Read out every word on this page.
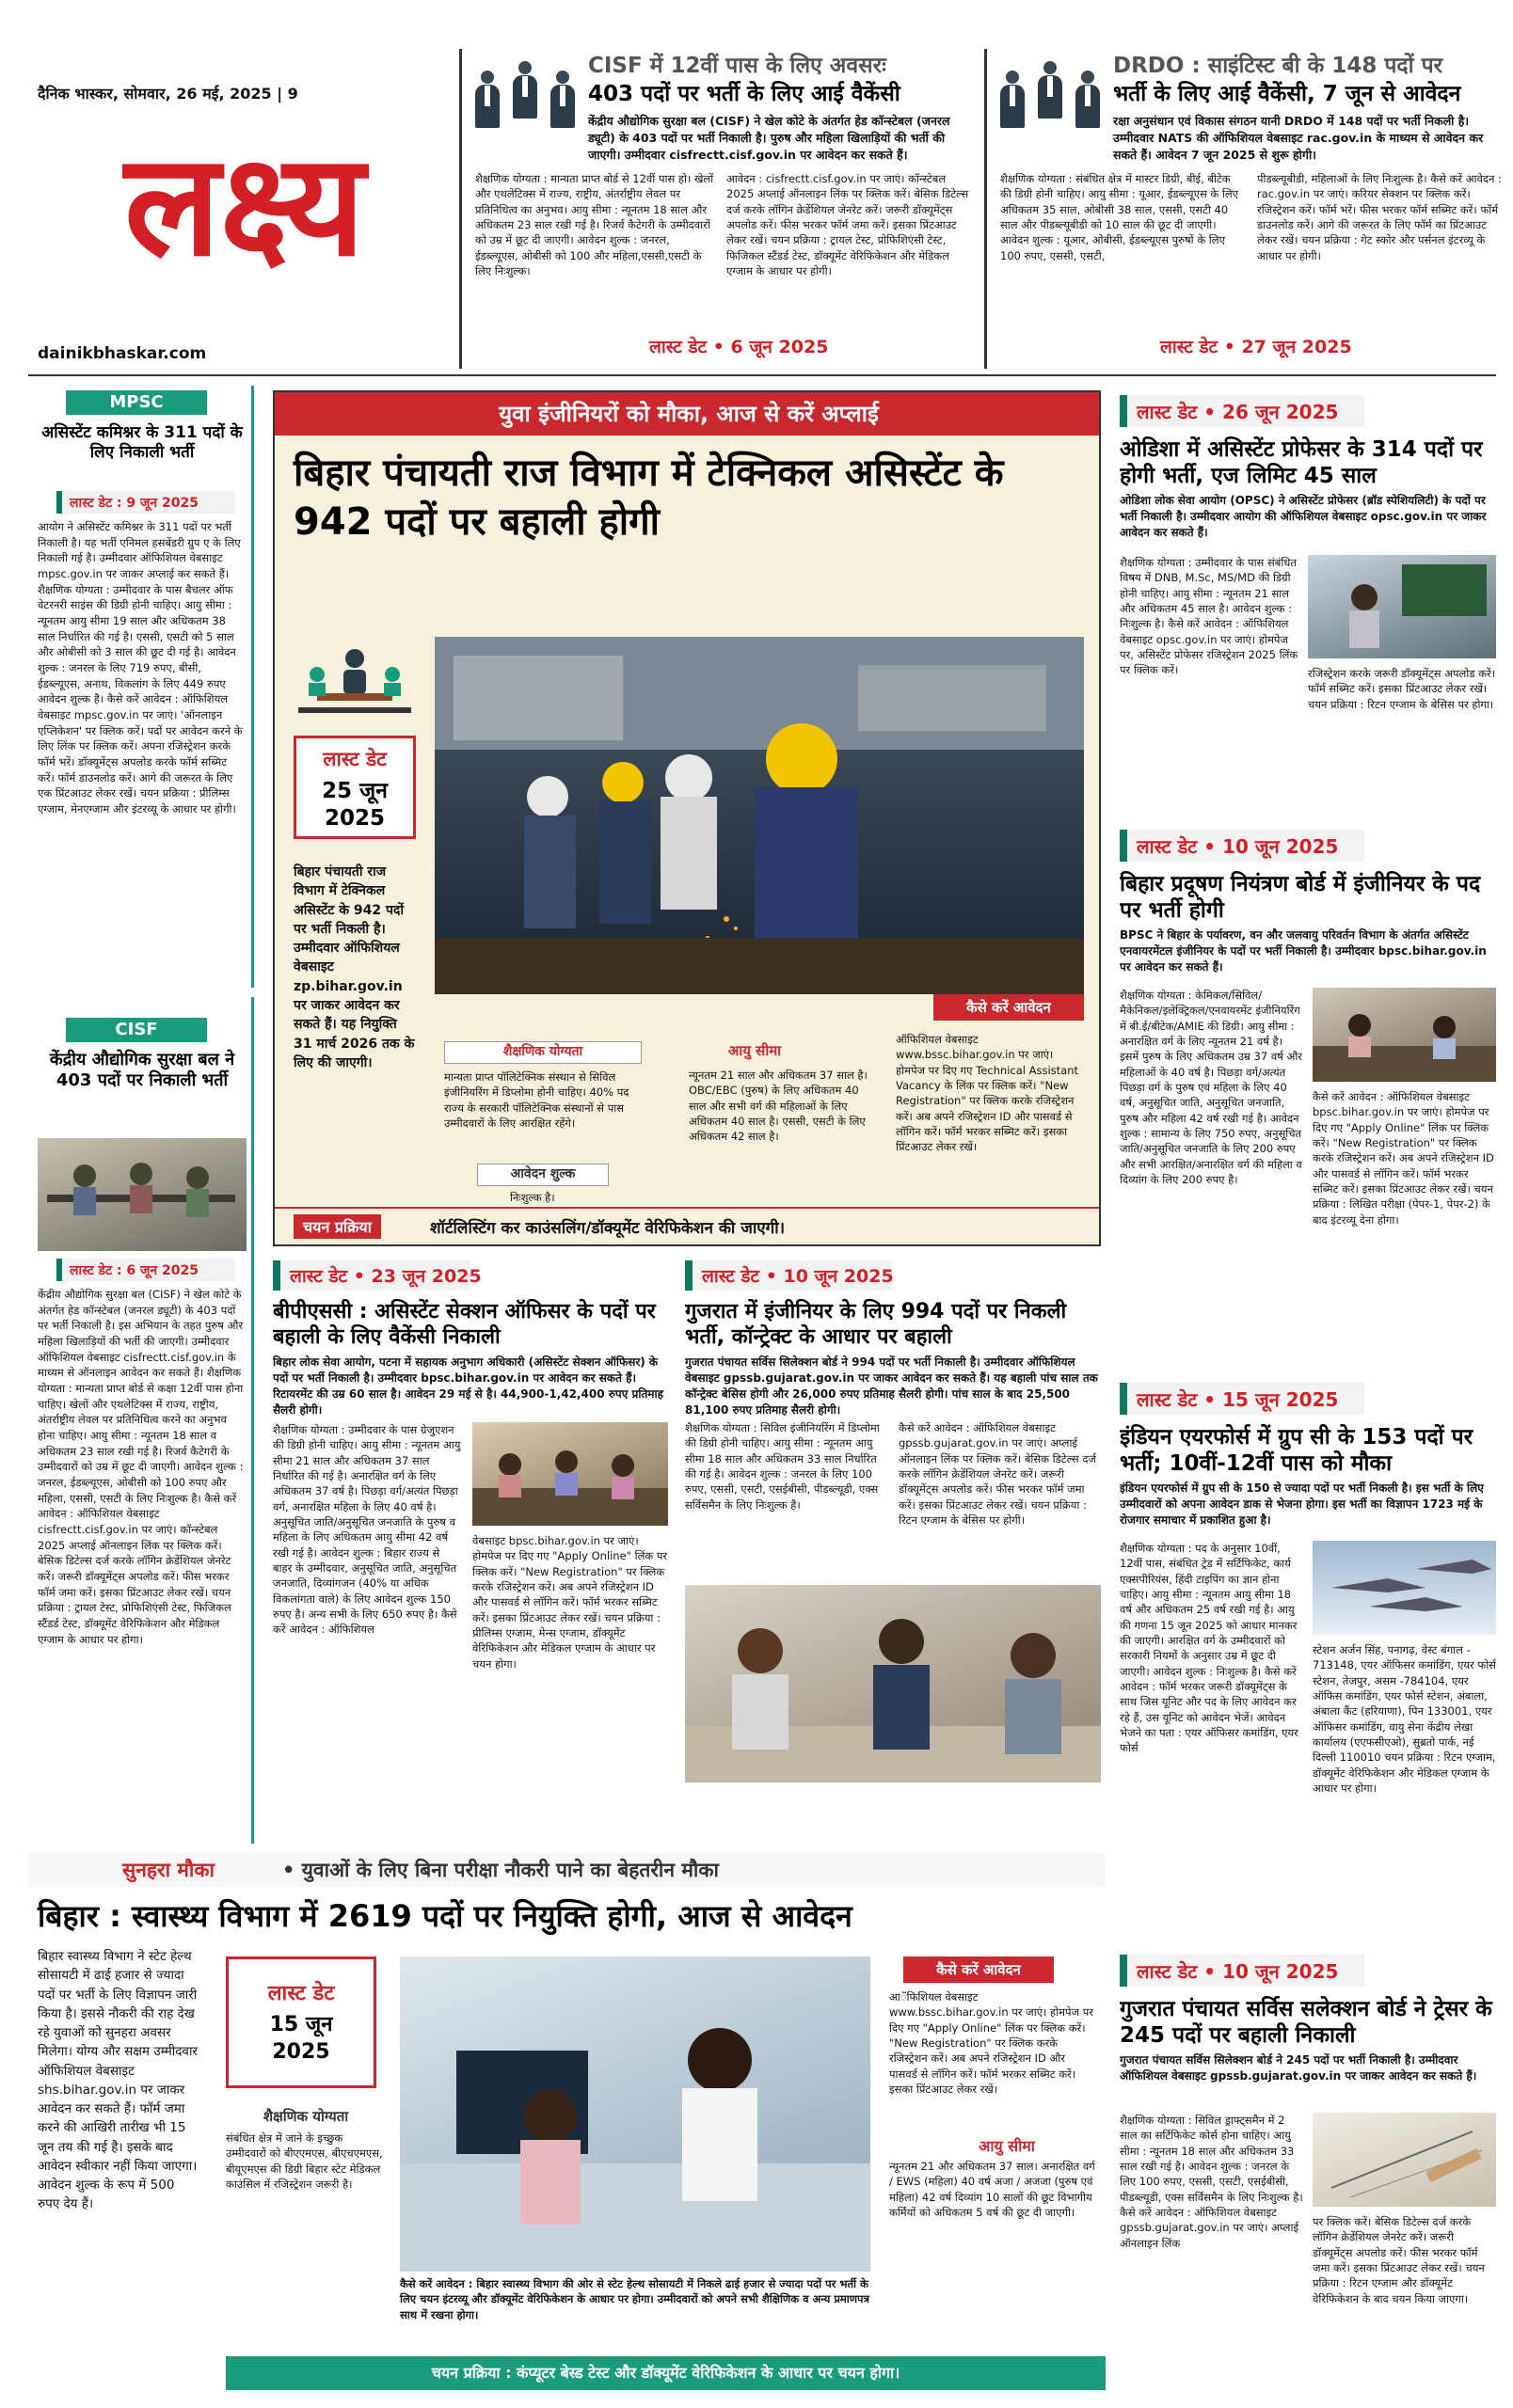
दैनिक भास्कर, सोमवार, 26 मई, 2025 | 9
लक्ष्य
dainikbhaskar.com
CISF में 12वीं पास के लिए अवसरः
403 पदों पर भर्ती के लिए आई वैकेंसी
केंद्रीय औद्योगिक सुरक्षा बल (CISF) ने खेल कोटे के अंतर्गत हेड कॉन्स्टेबल (जनरल ड्यूटी) के 403 पदों पर भर्ती निकाली है। पुरुष और महिला खिलाड़ियों की भर्ती की जाएगी। उम्मीदवार cisfrectt.cisf.gov.in पर आवेदन कर सकते हैं।
शैक्षणिक योग्यता : मान्यता प्राप्त बोर्ड से 12वीं पास हो। खेलों और एथलेटिक्स में राज्य, राष्ट्रीय, अंतर्राष्ट्रीय लेवल पर प्रतिनिधित्व का अनुभव। आयु सीमा : न्यूनतम 18 साल और अधिकतम 23 साल रखी गई है। रिजर्व कैटेगरी के उम्मीदवारों को उम्र में छूट दी जाएगी। आवेदन शुल्क : जनरल, ईडब्ल्यूएस, ओबीसी को 100 और महिला,एससी,एसटी के लिए निःशुल्क।
आवेदन : cisfrectt.cisf.gov.in पर जाएं। कॉन्स्टेबल 2025 अप्लाई ऑनलाइन लिंक पर क्लिक करें। बेसिक डिटेल्स दर्ज करके लॉगिन क्रेडेंशियल जेनरेट करें। जरूरी डॉक्यूमेंट्स अपलोड करें। फीस भरकर फॉर्म जमा करें। इसका प्रिंटआउट लेकर रखें। चयन प्रक्रिया : ट्रायल टेस्ट, प्रोफिशिएंसी टेस्ट, फिजिकल स्टैंडर्ड टेस्ट, डॉक्यूमेंट वेरिफिकेशन और मेडिकल एग्जाम के आधार पर होगी।
लास्ट डेट • 6 जून 2025
DRDO : साइंटिस्ट बी के 148 पदों पर
भर्ती के लिए आई वैकेंसी, 7 जून से आवेदन
रक्षा अनुसंधान एवं विकास संगठन यानी DRDO में 148 पदों पर भर्ती निकली है। उम्मीदवार NATS की ऑफिशियल वेबसाइट rac.gov.in के माध्यम से आवेदन कर सकते हैं। आवेदन 7 जून 2025 से शुरू होगी।
शैक्षणिक योग्यता : संबंधित क्षेत्र में मास्टर डिग्री, बीई, बीटेक की डिग्री होनी चाहिए। आयु सीमा : यूआर, ईडब्ल्यूएस के लिए अधिकतम 35 साल, ओबीसी 38 साल, एससी, एसटी 40 साल और पीडब्ल्यूबीडी को 10 साल की छूट दी जाएगी। आवेदन शुल्क : यूआर, ओबीसी, ईडब्ल्यूएस पुरुषों के लिए 100 रुपए, एससी, एसटी,
पीडब्ल्यूबीडी, महिलाओं के लिए निःशुल्क है। कैसे करें आवेदन : rac.gov.in पर जाएं। करियर सेक्शन पर क्लिक करें। रजिस्ट्रेशन करें। फॉर्म भरें। फीस भरकर फॉर्म सब्मिट करें। फॉर्म डाउनलोड करें। आगे की जरूरत के लिए फॉर्म का प्रिंटआउट लेकर रखें। चयन प्रक्रिया : गेट स्कोर और पर्सनल इंटरव्यू के आधार पर होगी।
लास्ट डेट • 27 जून 2025
MPSC
असिस्टेंट कमिश्नर के 311 पदों के लिए निकाली भर्ती
लास्ट डेट : 9 जून 2025
आयोग ने असिस्टेंट कमिश्नर के 311 पदों पर भर्ती निकाली है। यह भर्ती एनिमल हसबेंडरी ग्रुप ए के लिए निकाली गई है। उम्मीदवार ऑफिशियल वेबसाइट mpsc.gov.in पर जाकर अप्लाई कर सकते हैं। शैक्षणिक योग्यता : उम्मीदवार के पास बैचलर ऑफ वेटरनरी साइंस की डिग्री होनी चाहिए। आयु सीमा : न्यूनतम आयु सीमा 19 साल और अधिकतम 38 साल निर्धारित की गई है। एससी, एसटी को 5 साल और ओबीसी को 3 साल की छूट दी गई है। आवेदन शुल्क : जनरल के लिए 719 रुपए, बीसी, ईडब्ल्यूएस, अनाथ, विकलांग के लिए 449 रुपए आवेदन शुल्क है। कैसे करें आवेदन : ऑफिशियल वेबसाइट mpsc.gov.in पर जाएं। 'ऑनलाइन एप्लिकेशन' पर क्लिक करें। पदों पर आवेदन करने के लिए लिंक पर क्लिक करें। अपना रजिस्ट्रेशन करके फॉर्म भरें। डॉक्यूमेंट्स अपलोड करके फॉर्म सब्मिट करें। फॉर्म डाउनलोड करें। आगे की जरूरत के लिए एक प्रिंटआउट लेकर रखें। चयन प्रक्रिया : प्रीलिम्स एग्जाम, मेनएग्जाम और इंटरव्यू के आधार पर होगी।
CISF
केंद्रीय औद्योगिक सुरक्षा बल ने 403 पदों पर निकाली भर्ती
लास्ट डेट : 6 जून 2025
केंद्रीय औद्योगिक सुरक्षा बल (CISF) ने खेल कोटे के अंतर्गत हेड कॉन्स्टेबल (जनरल ड्यूटी) के 403 पदों पर भर्ती निकाली है। इस अभियान के तहत पुरुष और महिला खिलाड़ियों की भर्ती की जाएगी। उम्मीदवार ऑफिशियल वेबसाइट cisfrectt.cisf.gov.in के माध्यम से ऑनलाइन आवेदन कर सकते हैं। शैक्षणिक योग्यता : मान्यता प्राप्त बोर्ड से कक्षा 12वीं पास होना चाहिए। खेलों और एथलेटिक्स में राज्य, राष्ट्रीय, अंतर्राष्ट्रीय लेवल पर प्रतिनिधित्व करने का अनुभव होना चाहिए। आयु सीमा : न्यूनतम 18 साल व अधिकतम 23 साल रखी गई है। रिजर्व कैटेगरी के उम्मीदवारों को उम्र में छूट दी जाएगी। आवेदन शुल्क : जनरल, ईडब्ल्यूएस, ओबीसी को 100 रुपए और महिला, एससी, एसटी के लिए निःशुल्क है। कैसे करें आवेदन : ऑफिशियल वेबसाइट cisfrectt.cisf.gov.in पर जाएं। कॉन्स्टेबल 2025 अप्लाई ऑनलाइन लिंक पर क्लिक करें। बेसिक डिटेल्स दर्ज करके लॉगिन क्रेडेंशियल जेनरेट करें। जरूरी डॉक्यूमेंट्स अपलोड करें। फीस भरकर फॉर्म जमा करें। इसका प्रिंटआउट लेकर रखें। चयन प्रक्रिया : ट्रायल टेस्ट, प्रोफिशिएंसी टेस्ट, फिजिकल स्टैंडर्ड टेस्ट, डॉक्यूमेंट वेरिफिकेशन और मेडिकल एग्जाम के आधार पर होगा।
युवा इंजीनियरों को मौका, आज से करें अप्लाई
बिहार पंचायती राज विभाग में टेक्निकल असिस्टेंट के 942 पदों पर बहाली होगी
लास्ट डेट
25 जून 2025
बिहार पंचायती राज विभाग में टेक्निकल असिस्टेंट के 942 पदों पर भर्ती निकली है। उम्मीदवार ऑफिशियल वेबसाइट zp.bihar.gov.in पर जाकर आवेदन कर सकते हैं। यह नियुक्ति 31 मार्च 2026 तक के लिए की जाएगी।
कैसे करें आवेदन
शैक्षणिक योग्यता
मान्यता प्राप्त पॉलिटेक्निक संस्थान से सिविल इंजीनियरिंग में डिप्लोमा होनी चाहिए। 40% पद राज्य के सरकारी पॉलिटेक्निक संस्थानों से पास उम्मीदवारों के लिए आरक्षित रहेंगे।
आवेदन शुल्क
निःशुल्क है।
आयु सीमा
न्यूनतम 21 साल और अधिकतम 37 साल है। OBC/EBC (पुरुष) के लिए अधिकतम 40 साल और सभी वर्ग की महिलाओं के लिए अधिकतम 40 साल है। एससी, एसटी के लिए अधिकतम 42 साल है।
ऑफिशियल वेबसाइट www.bssc.bihar.gov.in पर जाएं। होमपेज पर दिए गए Technical Assistant Vacancy के लिंक पर क्लिक करें। "New Registration" पर क्लिक करके रजिस्ट्रेशन करें। अब अपने रजिस्ट्रेशन ID और पासवर्ड से लॉगिन करें। फॉर्म भरकर सब्मिट करें। इसका प्रिंटआउट लेकर रखें।
चयन प्रक्रिया	शॉर्टलिस्टिंग कर काउंसलिंग/डॉक्यूमेंट वेरिफिकेशन की जाएगी।
लास्ट डेट • 23 जून 2025
बीपीएससी : असिस्टेंट सेक्शन ऑफिसर के पदों पर बहाली के लिए वैकेंसी निकाली
बिहार लोक सेवा आयोग, पटना में सहायक अनुभाग अधिकारी (असिस्टेंट सेक्शन ऑफिसर) के पदों पर भर्ती निकाली है। उम्मीदवार bpsc.bihar.gov.in पर आवेदन कर सकते हैं। रिटायरमेंट की उम्र 60 साल है। आवेदन 29 मई से है। 44,900-1,42,400 रुपए प्रतिमाह सैलरी होगी।
शैक्षणिक योग्यता : उम्मीदवार के पास ग्रेजुएशन की डिग्री होनी चाहिए। आयु सीमा : न्यूनतम आयु सीमा 21 साल और अधिकतम 37 साल निर्धारित की गई है। अनारक्षित वर्ग के लिए अधिकतम 37 वर्ष है। पिछड़ा वर्ग/अत्यंत पिछड़ा वर्ग, अनारक्षित महिला के लिए 40 वर्ष है। अनुसूचित जाति/अनुसूचित जनजाति के पुरुष व महिला के लिए अधिकतम आयु सीमा 42 वर्ष रखी गई है। आवेदन शुल्क : बिहार राज्य से बाहर के उम्मीदवार, अनुसूचित जाति, अनुसूचित जनजाति, दिव्यांगजन (40% या अधिक विकलांगता वाले) के लिए आवेदन शुल्क 150 रुपए है। अन्य सभी के लिए 650 रुपए है। कैसे करें आवेदन : ऑफिशियल
वेबसाइट bpsc.bihar.gov.in पर जाएं। होमपेज पर दिए गए "Apply Online" लिंक पर क्लिक करें। "New Registration" पर क्लिक करके रजिस्ट्रेशन करें। अब अपने रजिस्ट्रेशन ID और पासवर्ड से लॉगिन करें। फॉर्म भरकर सब्मिट करें। इसका प्रिंटआउट लेकर रखें। चयन प्रक्रिया : प्रीलिम्स एग्जाम, मेन्स एग्जाम, डॉक्यूमेंट वेरिफिकेशन और मेडिकल एग्जाम के आधार पर चयन होगा।
लास्ट डेट • 10 जून 2025
गुजरात में इंजीनियर के लिए 994 पदों पर निकली भर्ती, कॉन्ट्रेक्ट के आधार पर बहाली
गुजरात पंचायत सर्विस सिलेक्शन बोर्ड ने 994 पदों पर भर्ती निकाली है। उम्मीदवार ऑफिशियल वेबसाइट gpssb.gujarat.gov.in पर जाकर आवेदन कर सकते हैं। यह बहाली पांच साल तक कॉन्ट्रेक्ट बेसिस होगी और 26,000 रुपए प्रतिमाह सैलरी होगी। पांच साल के बाद 25,500 81,100 रुपए प्रतिमाह सैलरी होगी।
शैक्षणिक योग्यता : सिविल इंजीनियरिंग में डिप्लोमा की डिग्री होनी चाहिए। आयु सीमा : न्यूनतम आयु सीमा 18 साल और अधिकतम 33 साल निर्धारित की गई है। आवेदन शुल्क : जनरल के लिए 100 रुपए, एससी, एसटी, एसईबीसी, पीडब्ल्यूडी, एक्स सर्विसमैन के लिए निःशुल्क है।
कैसे करें आवेदन : ऑफिशियल वेबसाइट gpssb.gujarat.gov.in पर जाएं। अप्लाई ऑनलाइन लिंक पर क्लिक करें। बेसिक डिटेल्स दर्ज करके लॉगिन क्रेडेंशियल जेनरेट करें। जरूरी डॉक्यूमेंट्स अपलोड करें। फीस भरकर फॉर्म जमा करें। इसका प्रिंटआउट लेकर रखें। चयन प्रक्रिया : रिटन एग्जाम के बेसिस पर होगी।
लास्ट डेट • 26 जून 2025
ओडिशा में असिस्टेंट प्रोफेसर के 314 पदों पर होगी भर्ती, एज लिमिट 45 साल
ओडिशा लोक सेवा आयोग (OPSC) ने असिस्टेंट प्रोफेसर (ब्रॉड स्पेशियलिटी) के पदों पर भर्ती निकाली है। उम्मीदवार आयोग की ऑफिशियल वेबसाइट opsc.gov.in पर जाकर आवेदन कर सकते हैं।
शैक्षणिक योग्यता : उम्मीदवार के पास संबंधित विषय में DNB, M.Sc, MS/MD की डिग्री होनी चाहिए। आयु सीमा : न्यूनतम 21 साल और अधिकतम 45 साल है। आवेदन शुल्क : निःशुल्क है। कैसे करें आवेदन : ऑफिशियल वेबसाइट opsc.gov.in पर जाएं। होमपेज पर, असिस्टेंट प्रोफेसर रजिस्ट्रेशन 2025 लिंक पर क्लिक करें।	रजिस्ट्रेशन करके जरूरी डॉक्यूमेंट्स अपलोड करें। फॉर्म सब्मिट करें। इसका प्रिंटआउट लेकर रखें। चयन प्रक्रिया : रिटन एग्जाम के बेसिस पर होगा।
लास्ट डेट • 10 जून 2025
बिहार प्रदूषण नियंत्रण बोर्ड में इंजीनियर के पद पर भर्ती होगी
BPSC ने बिहार के पर्यावरण, वन और जलवायु परिवर्तन विभाग के अंतर्गत असिस्टेंट एनवायरमेंटल इंजीनियर के पदों पर भर्ती निकाली है। उम्मीदवार bpsc.bihar.gov.in पर आवेदन कर सकते हैं।
शैक्षणिक योग्यता : केमिकल/सिविल/मैकेनिकल/इलेक्ट्रिकल/एनवायरमेंट इंजीनियरिंग में बी.ई/बीटेक/AMIE की डिग्री। आयु सीमा : अनारक्षित वर्ग के लिए न्यूनतम 21 वर्ष है। इसमें पुरुष के लिए अधिकतम उम्र 37 वर्ष और महिलाओं के 40 वर्ष है। पिछड़ा वर्ग/अत्यंत पिछड़ा वर्ग के पुरुष एवं महिला के लिए 40 वर्ष, अनुसूचित जाति, अनुसूचित जनजाति, पुरुष और महिला 42 वर्ष रखी गई है। आवेदन शुल्क : सामान्य के लिए 750 रुपए, अनुसूचित जाति/अनुसूचित जनजाति के लिए 200 रुपए और सभी आरक्षित/अनारक्षित वर्ग की महिला व दिव्यांग के लिए 200 रुपए है।
कैसे करें आवेदन : ऑफिशियल वेबसाइट bpsc.bihar.gov.in पर जाएं। होमपेज पर दिए गए "Apply Online" लिंक पर क्लिक करें। "New Registration" पर क्लिक करके रजिस्ट्रेशन करें। अब अपने रजिस्ट्रेशन ID और पासवर्ड से लॉगिन करें। फॉर्म भरकर सब्मिट करें। इसका प्रिंटआउट लेकर रखें। चयन प्रक्रिया : लिखित परीक्षा (पेपर-1, पेपर-2) के बाद इंटरव्यू देना होगा।
लास्ट डेट • 15 जून 2025
इंडियन एयरफोर्स में ग्रुप सी के 153 पदों पर भर्ती; 10वीं-12वीं पास को मौका
इंडियन एयरफोर्स में ग्रुप सी के 150 से ज्यादा पदों पर भर्ती निकली है। इस भर्ती के लिए उम्मीदवारों को अपना आवेदन डाक से भेजना होगा। इस भर्ती का विज्ञापन 1723 मई के रोजगार समाचार में प्रकाशित हुआ है।
शैक्षणिक योग्यता : पद के अनुसार 10वीं, 12वीं पास, संबंधित ट्रेड में सर्टिफिकेट, कार्य एक्सपीरियंस, हिंदी टाइपिंग का ज्ञान होना चाहिए। आयु सीमा : न्यूनतम आयु सीमा 18 वर्ष और अधिकतम 25 वर्ष रखी गई है। आयु की गणना 15 जून 2025 को आधार मानकर की जाएगी। आरक्षित वर्ग के उम्मीदवारों को सरकारी नियमों के अनुसार उम्र में छूट दी जाएगी। आवेदन शुल्क : निःशुल्क है। कैसे करें आवेदन : फॉर्म भरकर जरूरी डॉक्यूमेंट्स के साथ जिस यूनिट और पद के लिए आवेदन कर रहे हैं, उस यूनिट को आवेदन भेजें। आवेदन भेजने का पता : एयर ऑफिसर कमांडिंग, एयर फोर्स
स्टेशन अर्जन सिंह, पनागढ़, वेस्ट बंगाल - 713148, एयर ऑफिसर कमांडिंग, एयर फोर्स स्टेशन, तेजपुर, असम -784104, एयर ऑफिस कमांडिंग, एयर फोर्स स्टेशन, अंबाला, अंबाला कैंट (हरियाणा), पिन 133001, एयर ऑफिसर कमांडिंग, वायु सेना केंद्रीय लेखा कार्यालय (एएफसीएओ), सुब्रतो पार्क, नई दिल्ली 110010 चयन प्रक्रिया : रिटन एग्जाम, डॉक्यूमेंट वेरिफिकेशन और मेडिकल एग्जाम के आधार पर होगा।
लास्ट डेट • 10 जून 2025
गुजरात पंचायत सर्विस सलेक्शन बोर्ड ने ट्रेसर के 245 पदों पर बहाली निकाली
गुजरात पंचायत सर्विस सिलेक्शन बोर्ड ने 245 पदों पर भर्ती निकाली है। उम्मीदवार ऑफिशियल वेबसाइट gpssb.gujarat.gov.in पर जाकर आवेदन कर सकते हैं।
शैक्षणिक योग्यता : सिविल ड्राफ्ट्समैन में 2 साल का सर्टिफिकेट कोर्स होना चाहिए। आयु सीमा : न्यूनतम 18 साल और अधिकतम 33 साल रखी गई है। आवेदन शुल्क : जनरल के लिए 100 रुपए, एससी, एसटी, एसईबीसी, पीडब्ल्यूडी, एक्स सर्विसमैन के लिए निःशुल्क है। कैसे करें आवेदन : ऑफिशियल वेबसाइट gpssb.gujarat.gov.in पर जाएं। अप्लाई ऑनलाइन लिंक
पर क्लिक करें। बेसिक डिटेल्स दर्ज करके लॉगिन क्रेडेंशियल जेनरेट करें। जरूरी डॉक्यूमेंट्स अपलोड करें। फीस भरकर फॉर्म जमा करें। इसका प्रिंटआउट लेकर रखें। चयन प्रक्रिया : रिटन एग्जाम और डॉक्यूमेंट वेरिफिकेशन के बाद चयन किया जाएगा।
सुनहरा मौका	• युवाओं के लिए बिना परीक्षा नौकरी पाने का बेहतरीन मौका
बिहार : स्वास्थ्य विभाग में 2619 पदों पर नियुक्ति होगी, आज से आवेदन
बिहार स्वास्थ्य विभाग ने स्टेट हेल्थ सोसायटी में ढाई हजार से ज्यादा पदों पर भर्ती के लिए विज्ञापन जारी किया है। इससे नौकरी की राह देख रहे युवाओं को सुनहरा अवसर मिलेगा। योग्य और सक्षम उम्मीदवार ऑफिशियल वेबसाइट shs.bihar.gov.in पर जाकर आवेदन कर सकते हैं। फॉर्म जमा करने की आखिरी तारीख भी 15 जून तय की गई है। इसके बाद आवेदन स्वीकार नहीं किया जाएगा। आवेदन शुल्क के रूप में 500 रुपए देय हैं।
लास्ट डेट
15 जून 2025
शैक्षणिक योग्यता
संबंधित क्षेत्र में जाने के इच्छुक उम्मीदवारों को बीएएमएस, बीएचएमएस, बीयूएमएस की डिग्री बिहार स्टेट मेडिकल काउंसिल में रजिस्ट्रेशन जरूरी है।
कैसे करें आवेदन : बिहार स्वास्थ्य विभाग की ओर से स्टेट हेल्थ सोसायटी में निकले ढाई हजार से ज्यादा पदों पर भर्ती के लिए चयन इंटरव्यू और डॉक्यूमेंट वेरिफिकेशन के आधार पर होगा। उम्मीदवारों को अपने सभी शैक्षिणिक व अन्य प्रमाणपत्र साथ में रखना होगा।
कैसे करें आवेदन
आॅफिशियल वेबसाइट www.bssc.bihar.gov.in पर जाएं। होमपेज पर दिए गए "Apply Online" लिंक पर क्लिक करें। "New Registration" पर क्लिक करके रजिस्ट्रेशन करें। अब अपने रजिस्ट्रेशन ID और पासवर्ड से लॉगिन करें। फॉर्म भरकर सब्मिट करें। इसका प्रिंटआउट लेकर रखें।
आयु सीमा
न्यूनतम 21 और अधिकतम 37 साल। अनारक्षित वर्ग / EWS (महिला) 40 वर्ष अजा / अजजा (पुरुष एवं महिला) 42 वर्ष दिव्यांग 10 सालों की छूट विभागीय कर्मियों को अधिकतम 5 वर्ष की छूट दी जाएगी।
चयन प्रक्रिया : कंप्यूटर बेस्ड टेस्ट और डॉक्यूमेंट वेरिफिकेशन के आधार पर चयन होगा।
